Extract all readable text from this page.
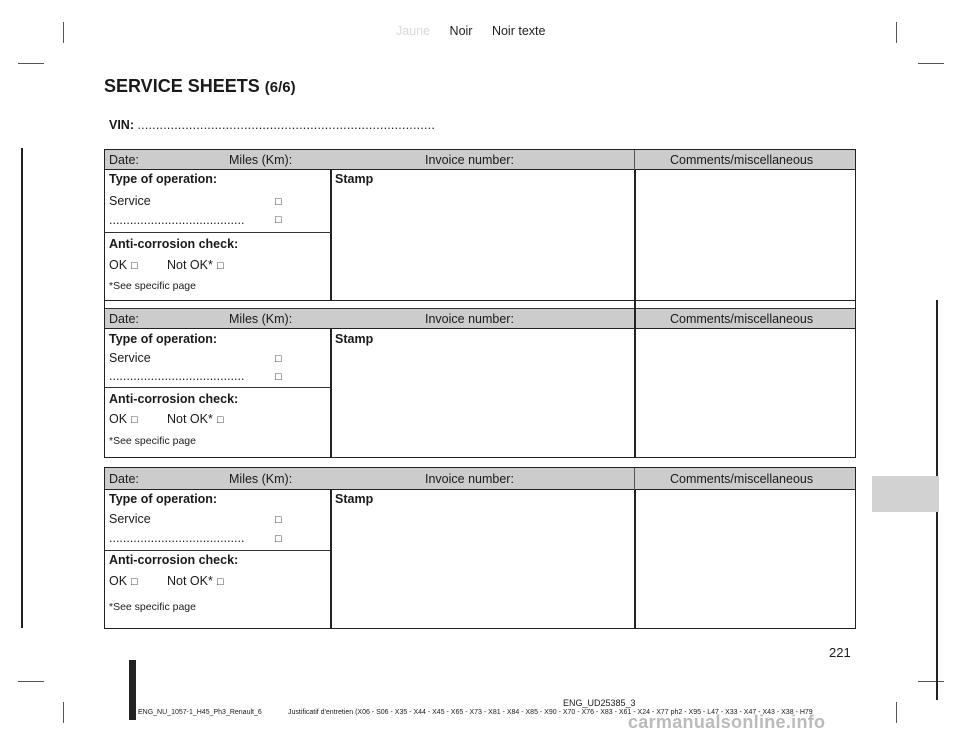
Jaune Noir Noir texte
SERVICE SHEETS (6/6)
VIN: .................................................................................
Date:	Miles (Km):	Invoice number:	Comments/miscellaneous
Type of operation:
Service	□
.......................................	□
Anti-corrosion check:
OK □ Not OK* □
*See specific page
Stamp
Date:	Miles (Km):	Invoice number:	Comments/miscellaneous
Type of operation:
Service	□
.......................................	□
Anti-corrosion check:
OK □ Not OK* □
*See specific page
Stamp
Date:	Miles (Km):	Invoice number:	Comments/miscellaneous
Type of operation:
Service	□
.......................................	□
Anti-corrosion check:
OK □ Not OK* □
*See specific page
Stamp
221
ENG_UD25385_3
ENG_NU_1057-1_H45_Ph3_Renault_6	Justificatif d'entretien (X06 - S06 - X35 - X44 - X45 - X65 - X73 - X81 - X84 - X85 - X90 - X70 - X76 - X83 - X61 - X24 - X77 ph2 - X95 - L47 - X33 - X47 - X43 - X38 - H79
carmanualsonline.info
